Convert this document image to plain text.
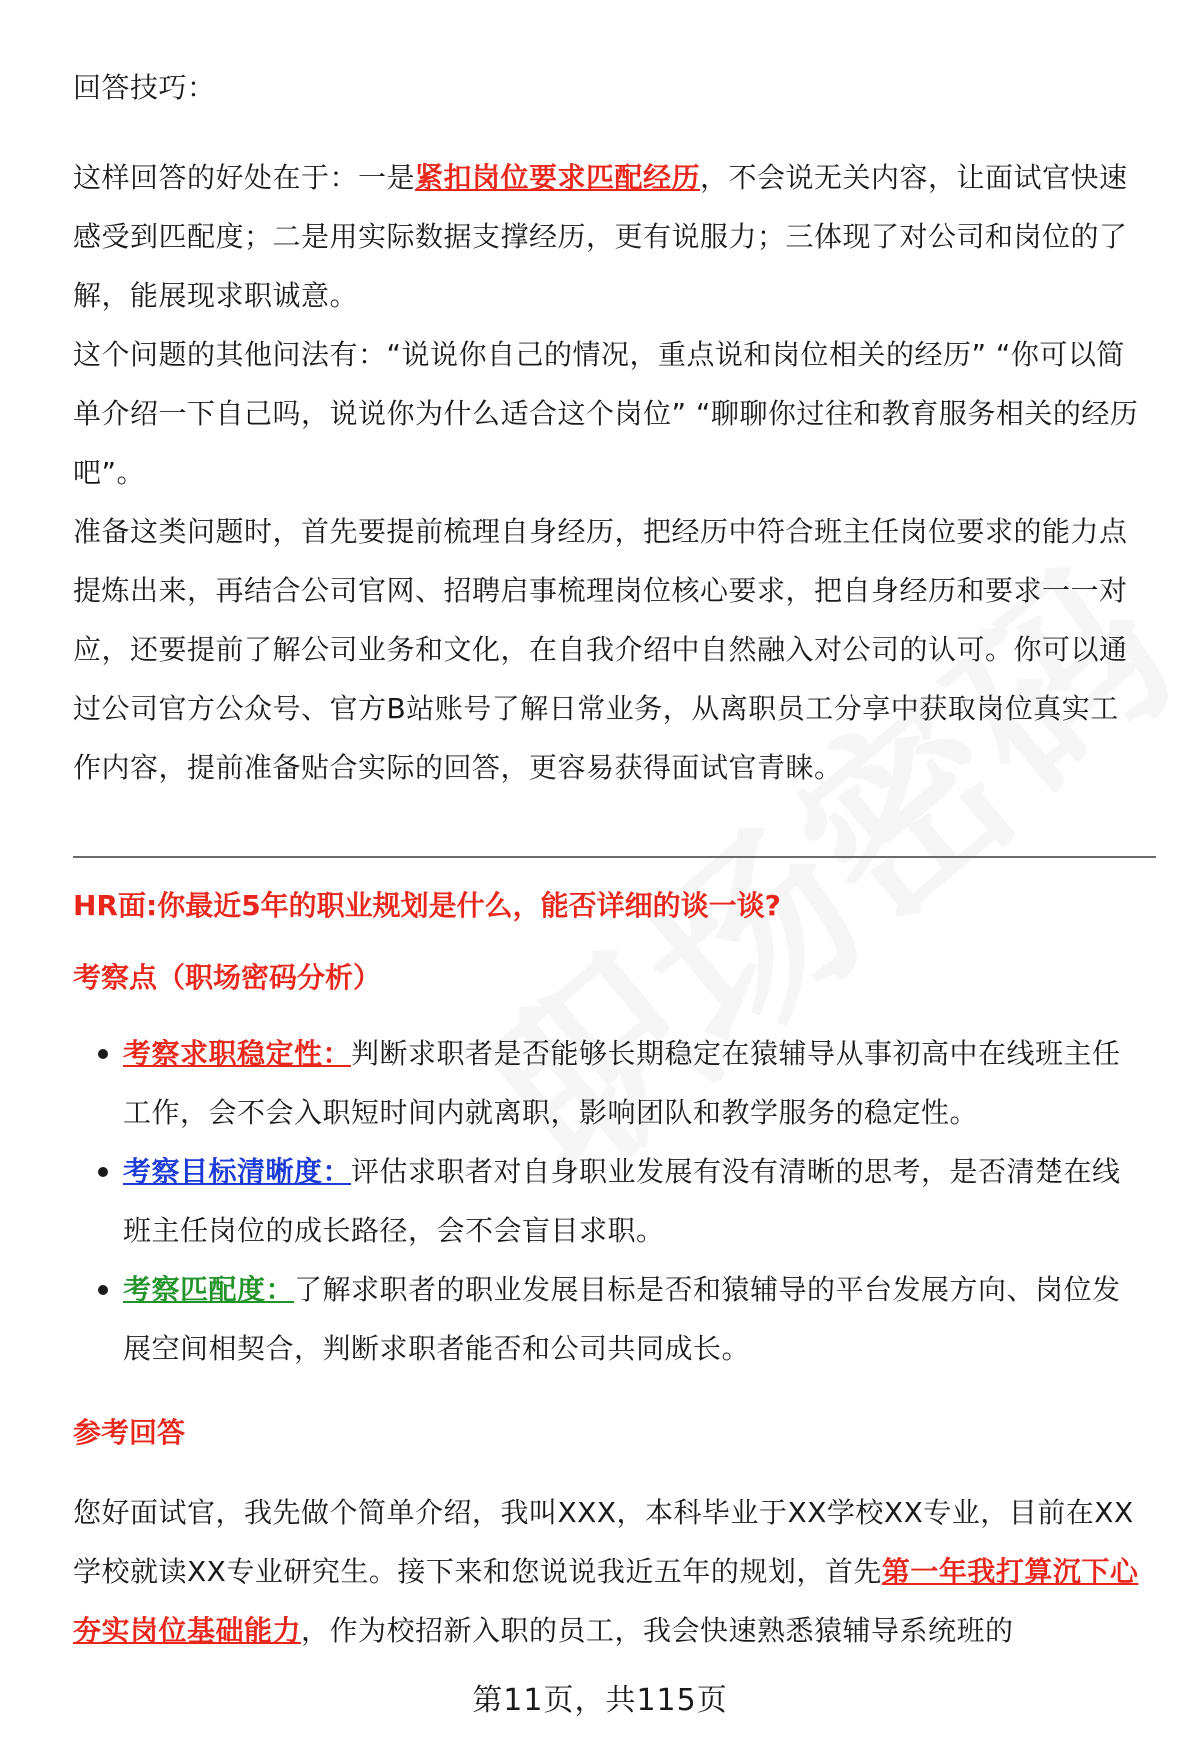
回答技巧：

这样回答的好处在于：一是紧扣岗位要求匹配经历，不会说无关内容，让面试官快速感受到匹配度；二是用实际数据支撑经历，更有说服力；三体现了对公司和岗位的了解，能展现求职诚意。

这个问题的其他问法有：“说说你自己的情况，重点说和岗位相关的经历” “你可以简单介绍一下自己吗，说说你为什么适合这个岗位” “聊聊你过往和教育服务相关的经历吧”。

准备这类问题时，首先要提前梳理自身经历，把经历中符合班主任岗位要求的能力点提炼出来，再结合公司官网、招聘启事梳理岗位核心要求，把自身经历和要求一一对应，还要提前了解公司业务和文化，在自我介绍中自然融入对公司的认可。你可以通过公司官方公众号、官方B站账号了解日常业务，从离职员工分享中获取岗位真实工作内容，提前准备贴合实际的回答，更容易获得面试官青睐。

HR面:你最近5年的职业规划是什么，能否详细的谈一谈?

考察点（职场密码分析）

考察求职稳定性：判断求职者是否能够长期稳定在猿辅导从事初高中在线班主任工作，会不会入职短时间内就离职，影响团队和教学服务的稳定性。
考察目标清晰度：评估求职者对自身职业发展有没有清晰的思考，是否清楚在线班主任岗位的成长路径，会不会盲目求职。
考察匹配度：了解求职者的职业发展目标是否和猿辅导的平台发展方向、岗位发展空间相契合，判断求职者能否和公司共同成长。

参考回答

您好面试官，我先做个简单介绍，我叫XXX，本科毕业于XX学校XX专业，目前在XX学校就读XX专业研究生。接下来和您说说我近五年的规划，首先第一年我打算沉下心夯实岗位基础能力，作为校招新入职的员工，我会快速熟悉猿辅导系统班的

第11页，共115页
